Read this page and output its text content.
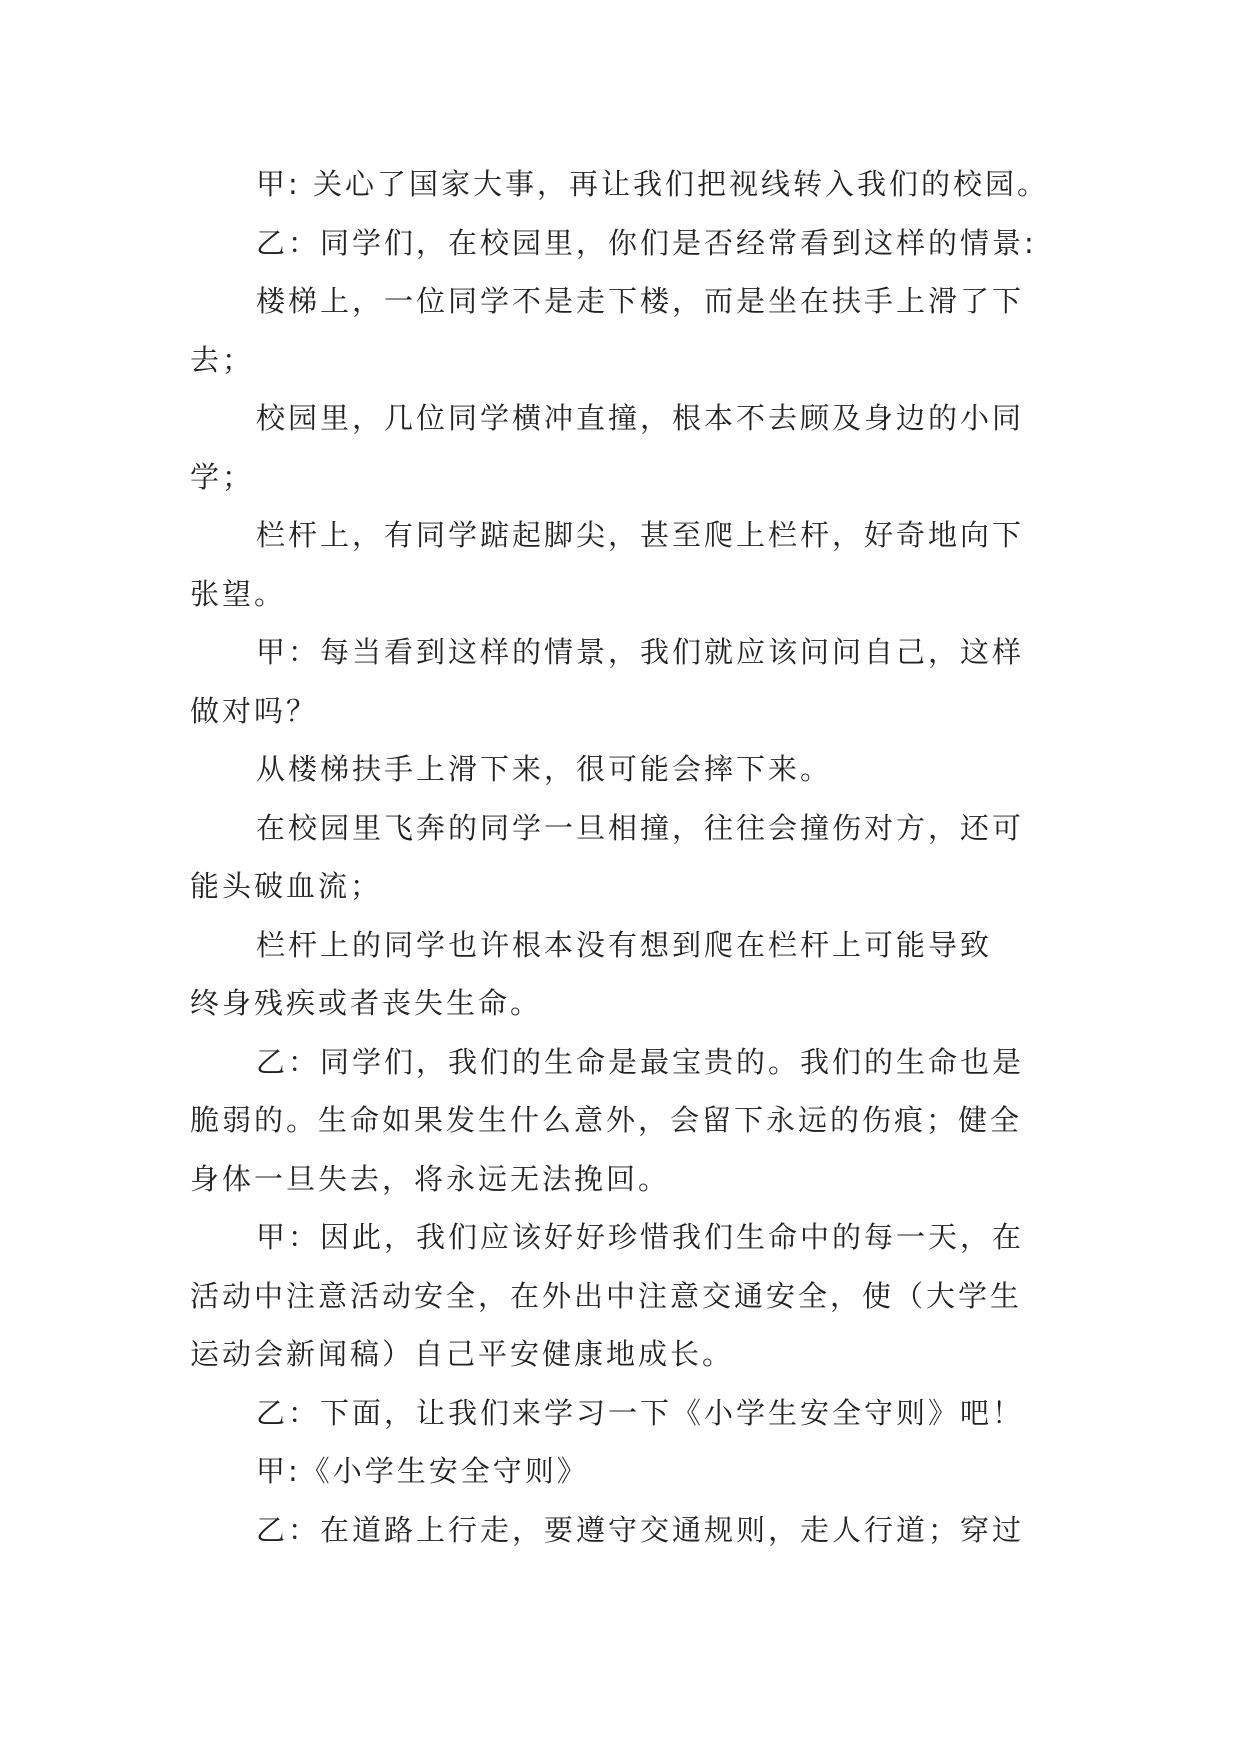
甲: 关心了国家大事，再让我们把视线转入我们的校园。
乙：同学们，在校园里，你们是否经常看到这样的情景:
楼梯上，一位同学不是走下楼，而是坐在扶手上滑了下
去；
校园里，几位同学横冲直撞，根本不去顾及身边的小同
学；
栏杆上，有同学踮起脚尖，甚至爬上栏杆，好奇地向下
张望。
甲：每当看到这样的情景，我们就应该问问自己，这样
做对吗？
从楼梯扶手上滑下来，很可能会摔下来。
在校园里飞奔的同学一旦相撞，往往会撞伤对方，还可
能头破血流；
栏杆上的同学也许根本没有想到爬在栏杆上可能导致
终身残疾或者丧失生命。
乙：同学们，我们的生命是最宝贵的。我们的生命也是
脆弱的。生命如果发生什么意外，会留下永远的伤痕；健全
身体一旦失去，将永远无法挽回。
甲：因此，我们应该好好珍惜我们生命中的每一天，在
活动中注意活动安全，在外出中注意交通安全，使（大学生
运动会新闻稿）自己平安健康地成长。
乙：下面，让我们来学习一下《小学生安全守则》吧！
甲:《小学生安全守则》
乙：在道路上行走，要遵守交通规则，走人行道；穿过
